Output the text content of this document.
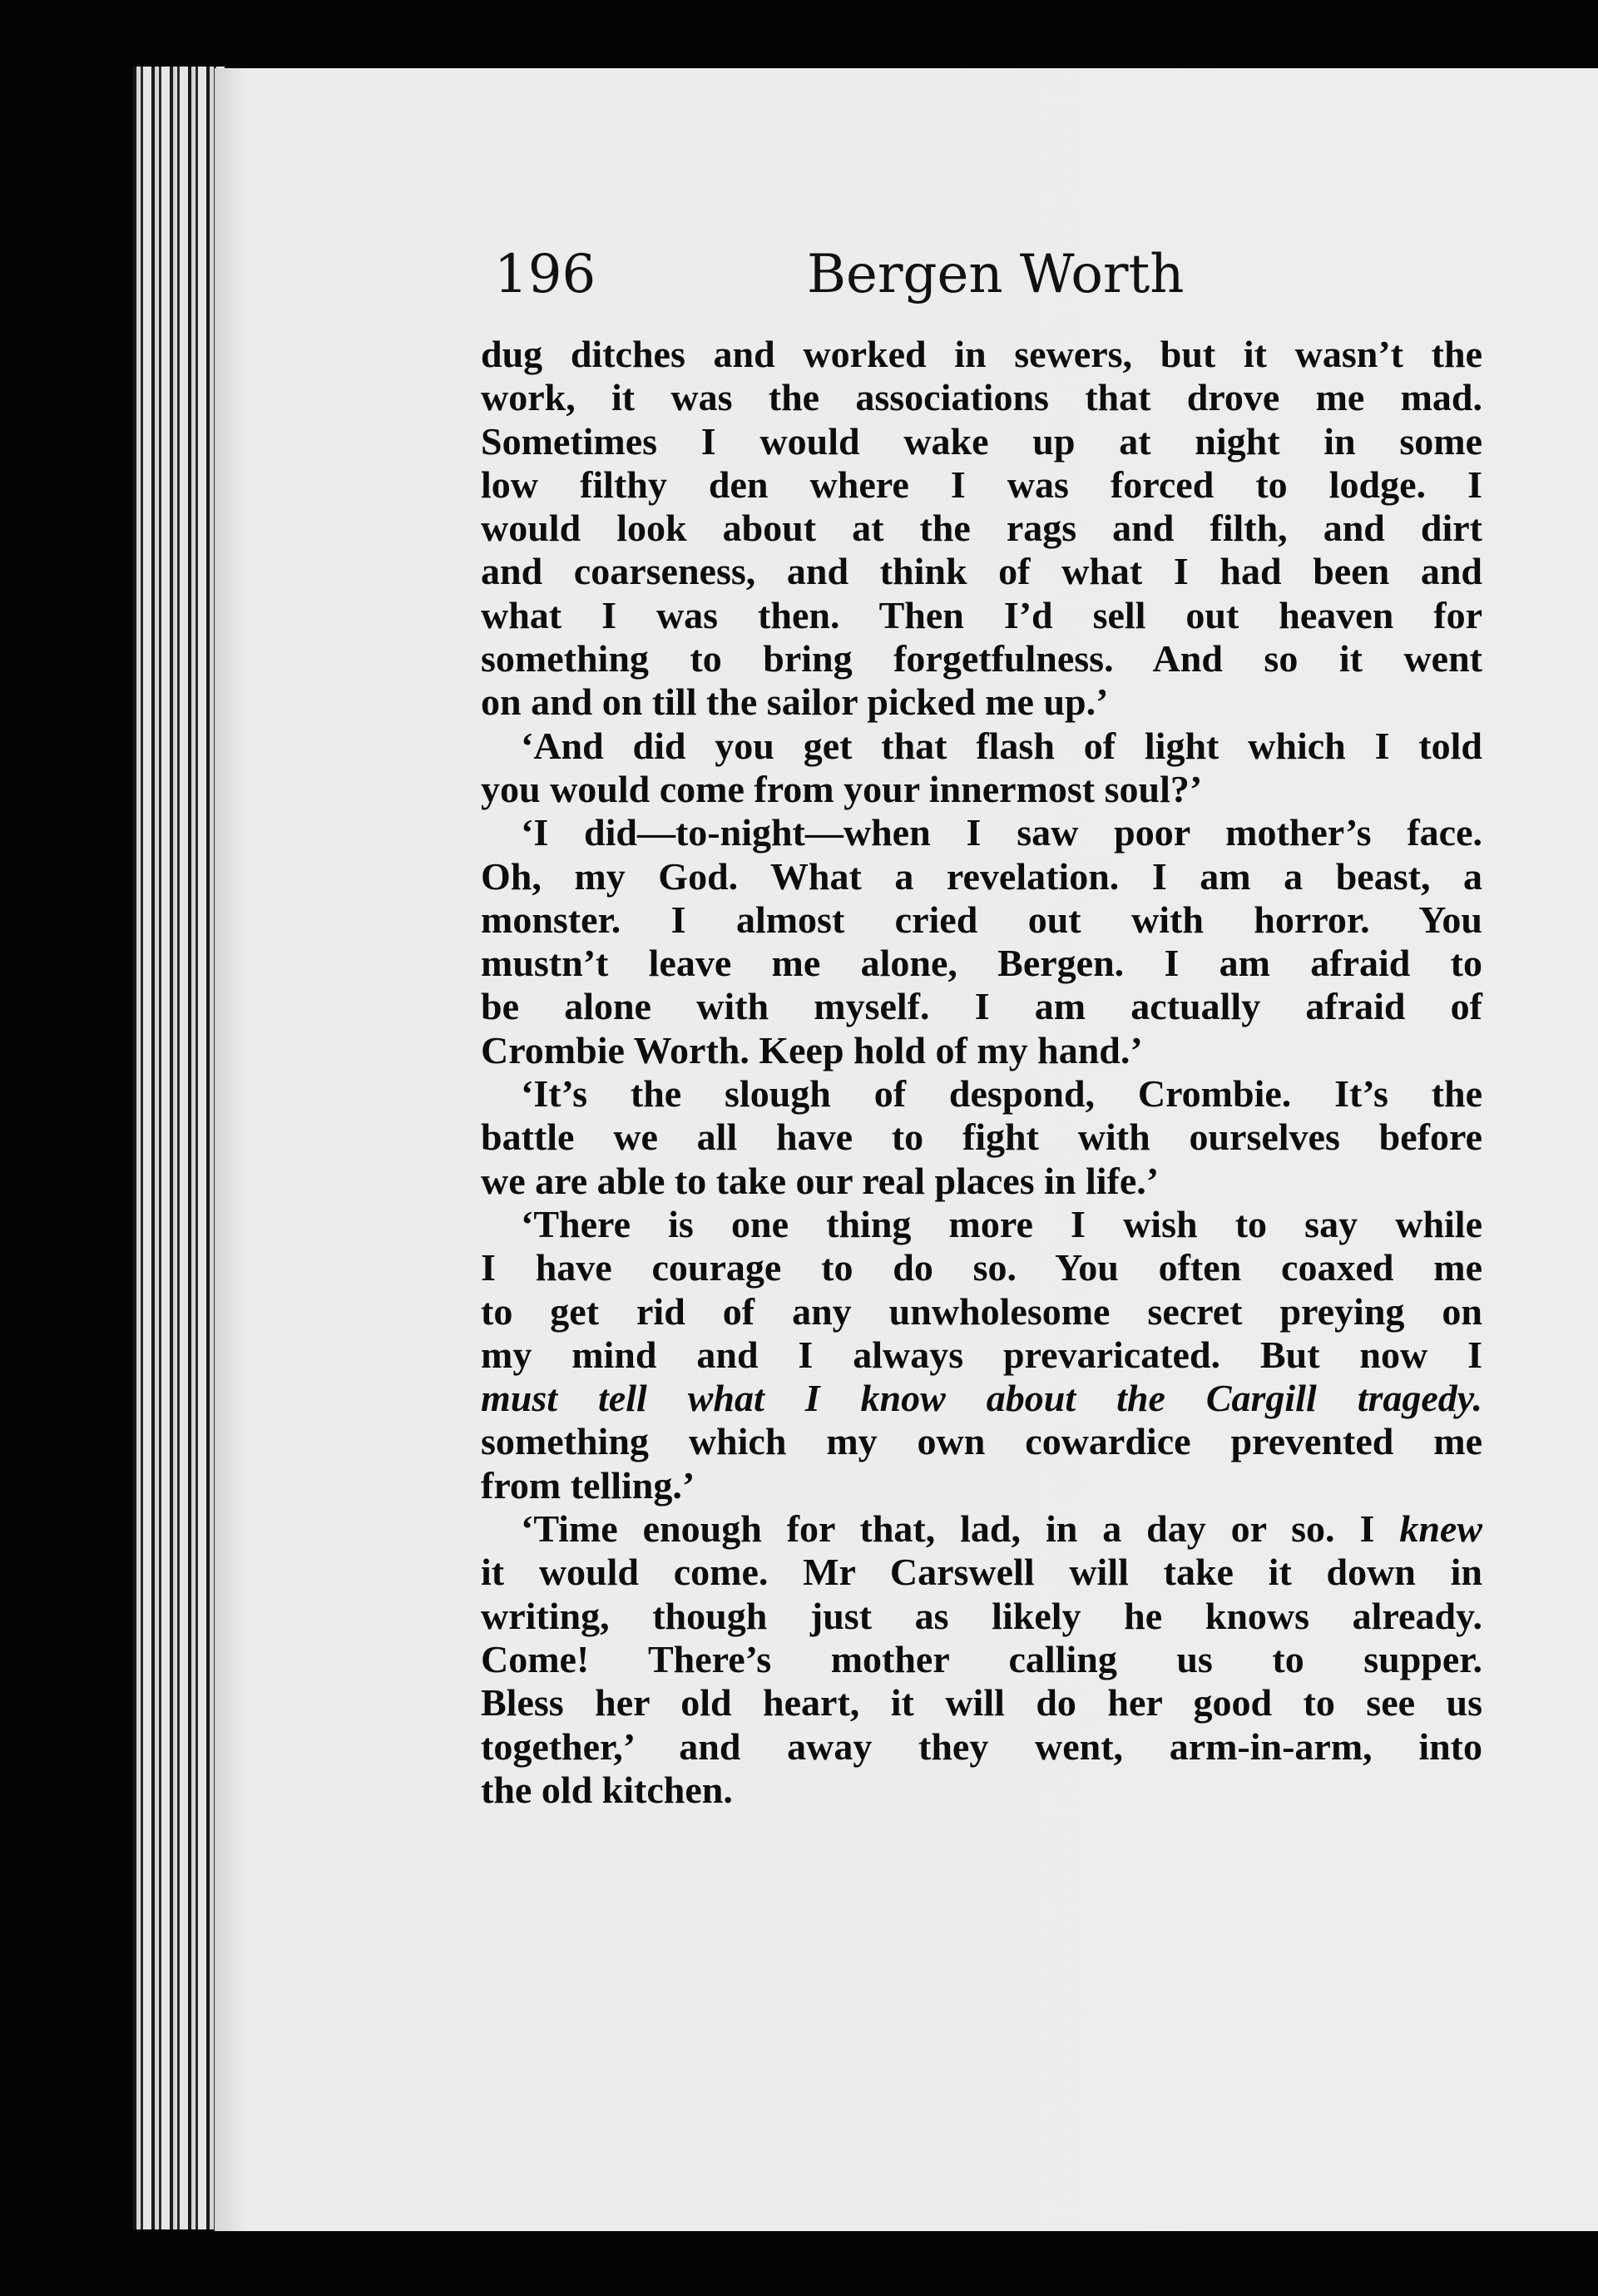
196	Bergen Worth
dug ditches and worked in sewers, but it wasn’t the
work, it was the associations that drove me mad.
Sometimes I would wake up at night in some
low filthy den where I was forced to lodge. I
would look about at the rags and filth, and dirt
and coarseness, and think of what I had been and
what I was then. Then I’d sell out heaven for
something to bring forgetfulness. And so it went
on and on till the sailor picked me up.’
‘And did you get that flash of light which I told
you would come from your innermost soul?’
‘I did—to-night—when I saw poor mother’s face.
Oh, my God. What a revelation. I am a beast, a
monster. I almost cried out with horror. You
mustn’t leave me alone, Bergen. I am afraid to
be alone with myself. I am actually afraid of
Crombie Worth. Keep hold of my hand.’
‘It’s the slough of despond, Crombie. It’s the
battle we all have to fight with ourselves before
we are able to take our real places in life.’
‘There is one thing more I wish to say while
I have courage to do so. You often coaxed me
to get rid of any unwholesome secret preying on
my mind and I always prevaricated. But now I
must tell what I know about the Cargill tragedy.
something which my own cowardice prevented me
from telling.’
‘Time enough for that, lad, in a day or so. I knew
it would come. Mr Carswell will take it down in
writing, though just as likely he knows already.
Come! There’s mother calling us to supper.
Bless her old heart, it will do her good to see us
together,’ and away they went, arm-in-arm, into
the old kitchen.
